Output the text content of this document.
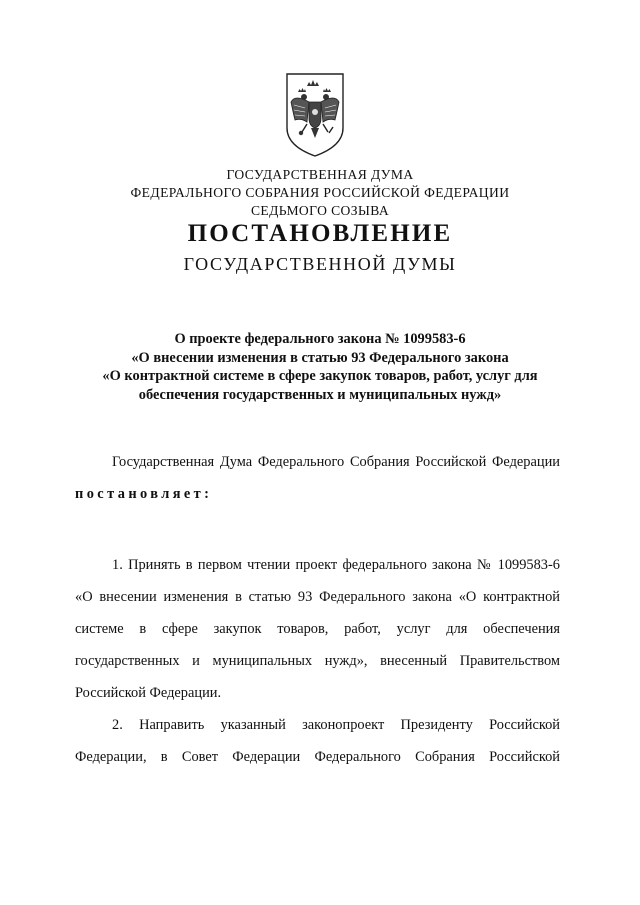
ГОСУДАРСТВЕННАЯ ДУМА
ФЕДЕРАЛЬНОГО СОБРАНИЯ РОССИЙСКОЙ ФЕДЕРАЦИИ
СЕДЬМОГО СОЗЫВА
ПОСТАНОВЛЕНИЕ
ГОСУДАРСТВЕННОЙ ДУМЫ
О проекте федерального закона № 1099583-6
«О внесении изменения в статью 93 Федерального закона
«О контрактной системе в сфере закупок товаров, работ, услуг для
обеспечения государственных и муниципальных нужд»

Государственная Дума Федерального Собрания Российской Федерации постановляет:

1. Принять в первом чтении проект федерального закона № 1099583-6 «О внесении изменения в статью 93 Федерального закона «О контрактной системе в сфере закупок товаров, работ, услуг для обеспечения государственных и муниципальных нужд», внесенный Правительством Российской Федерации.

2. Направить указанный законопроект Президенту Российской Федерации, в Совет Федерации Федерального Собрания Российской
